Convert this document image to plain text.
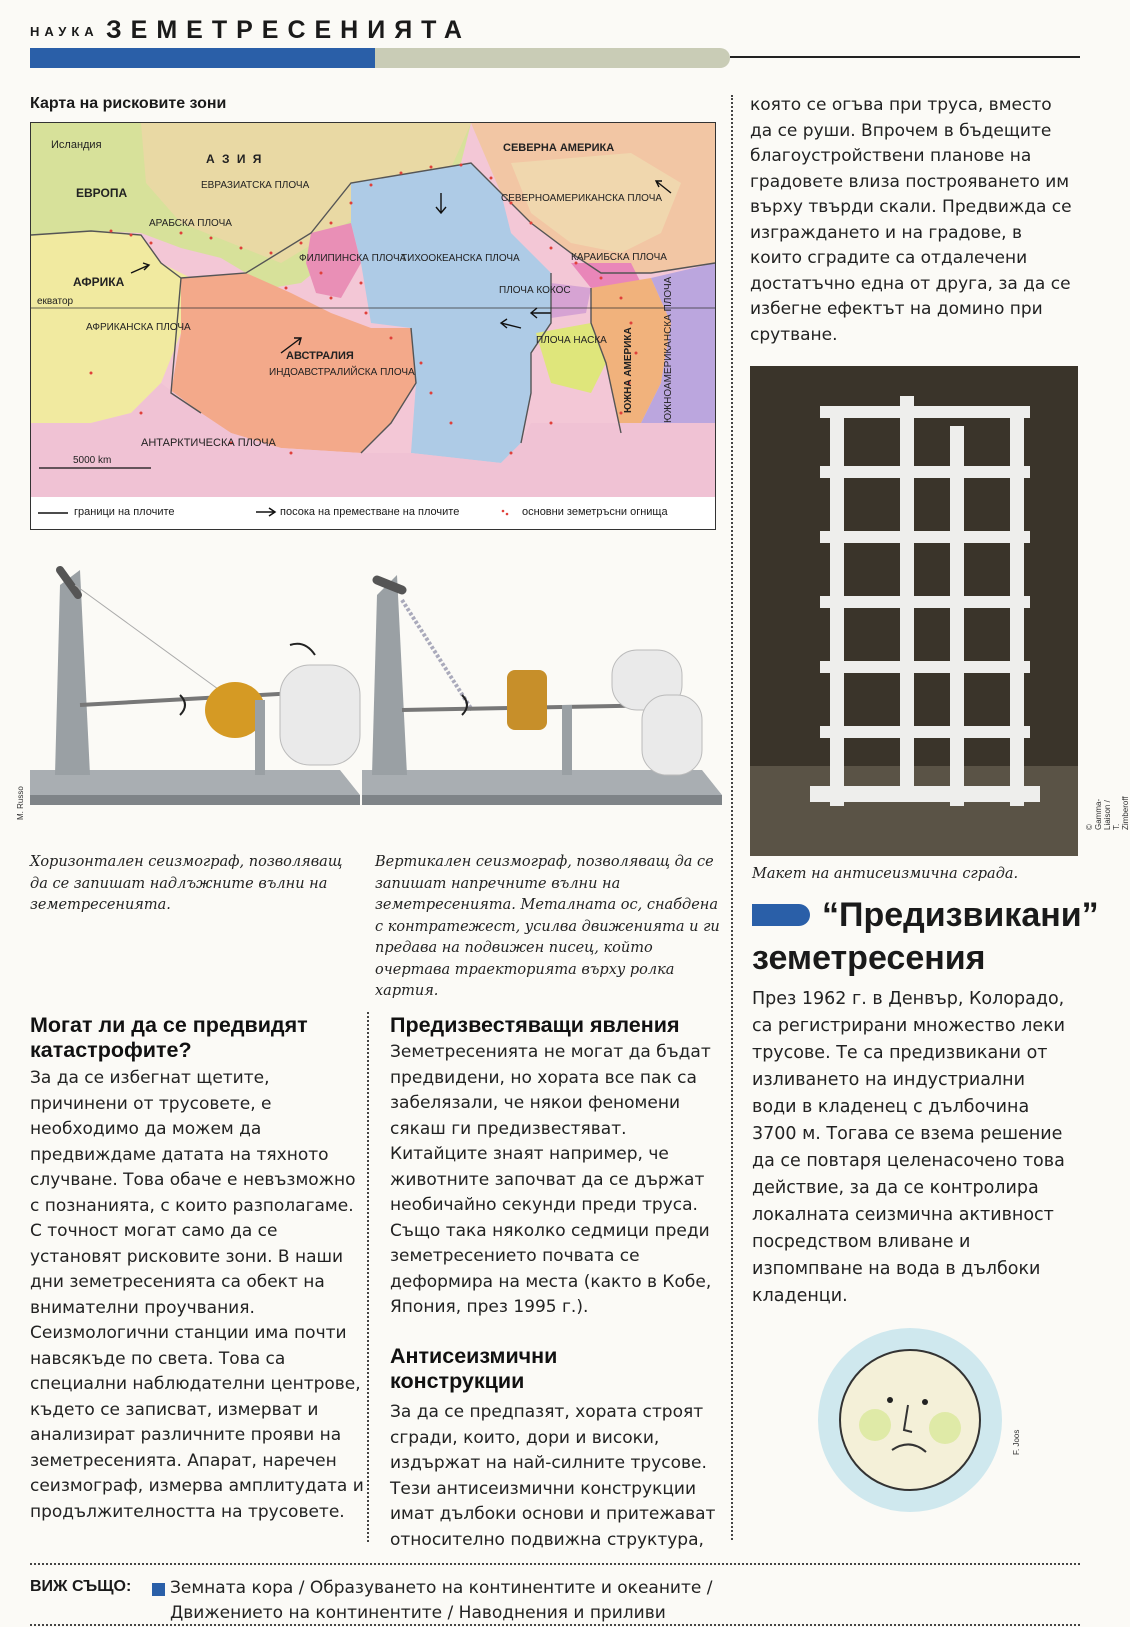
НАУКА ЗЕМЕТРЕСЕНИЯТА
Карта на рисковите зони
Исландия
А З И Я
ЕВРОПА
ЕВРАЗИАТСКА ПЛОЧА
АРАБСКА ПЛОЧА
АФРИКА
екватор
АФРИКАНСКА ПЛОЧА
ФИЛИПИНСКА ПЛОЧА
ТИХООКЕАНСКА ПЛОЧА
АВСТРАЛИЯ
ИНДОАВСТРАЛИЙСКА ПЛОЧА
СЕВЕРНА АМЕРИКА
СЕВЕРНОАМЕРИКАНСКА ПЛОЧА
КАРАИБСКА ПЛОЧА
ПЛОЧА КОКОС
ПЛОЧА НАСКА ЮЖНА АМЕРИКА	ЮЖНОАМЕРИКАНСКА ПЛОЧА
АНТАРКТИЧЕСКА ПЛОЧА
5000 km
граници на плочите	посока на преместване на плочите	основни земетръсни огнища
M. Russo
Хоризонтален сеизмограф, позволяващ да се запишат надлъжните вълни на земетресенията.
Вертикален сеизмограф, позволяващ да се запишат напречните вълни на земетресенията. Металната ос, снабдена с контратежест, усилва движенията и ги предава на подвижен писец, който очертава траекторията върху ролка хартия.
Могат ли да се предвидят катастрофите?
За да се избегнат щетите, причинени от трусовете, е необходимо да можем да предвиждаме датата на тяхното случване. Това обаче е невъзможно с познанията, с които разполагаме. С точност могат само да се установят рисковите зони. В наши дни земетресенията са обект на внимателни проучвания. Сеизмологични станции има почти навсякъде по света. Това са специални наблюдателни центрове, където се записват, измерват и анализират различните прояви на земетресенията. Апарат, наречен сеизмограф, измерва амплитудата и продължителността на трусовете.
Предизвестяващи явления
Земетресенията не могат да бъдат предвидени, но хората все пак са забелязали, че някои феномени сякаш ги предизвестяват. Китайците знаят например, че животните започват да се държат необичайно секунди преди труса. Също така няколко седмици преди земетресението почвата се деформира на места (както в Кобе, Япония, през 1995 г.).
Антисеизмични конструкции
За да се предпазят, хората строят сгради, които, дори и високи, издържат на най-силните трусове. Тези антисеизмични конструкции имат дълбоки основи и притежават относително подвижна структура,
която се огъва при труса, вместо да се руши. Впрочем в бъдещите благоустройствени планове на градовете влиза построяването им върху твърди скали. Предвижда се изграждането и на градове, в които сградите са отдалечени достатъчно една от друга, за да се избегне ефектът на домино при срутване.
© Gamma-Liaison / T. Zimberoff
Макет на антисеизмична сграда.
“Предизвикани” земетресения
През 1962 г. в Денвър, Колорадо, са регистрирани множество леки трусове. Те са предизвикани от изливането на индустриални води в кладенец с дълбочина 3700 м. Тогава се взема решение да се повтаря целенасочено това действие, за да се контролира локалната сеизмична активност посредством вливане и изпомпване на вода в дълбоки кладенци.
F. Joos
ВИЖ СЪЩО: Земната кора / Образуването на континентите и океаните /
Движението на континентите / Наводнения и приливи
